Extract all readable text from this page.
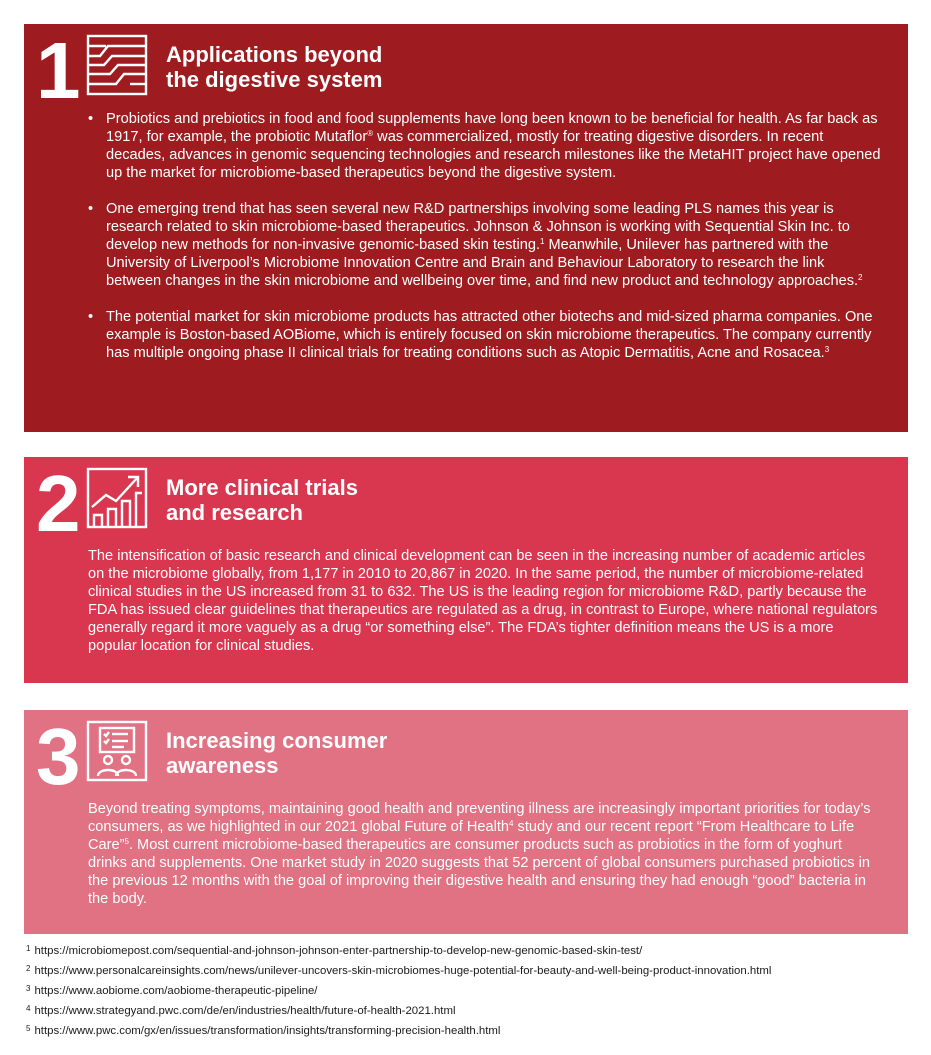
1	Applications beyond
the digestive system
• Probiotics and prebiotics in food and food supplements have long been known to be beneficial for health. As far back as 1917, for example, the probiotic Mutaflor® was commercialized, mostly for treating digestive disorders. In recent decades, advances in genomic sequencing technologies and research milestones like the MetaHIT project have opened up the market for microbiome-based therapeutics beyond the digestive system.
• One emerging trend that has seen several new R&D partnerships involving some leading PLS names this year is research related to skin microbiome-based therapeutics. Johnson & Johnson is working with Sequential Skin Inc. to develop new methods for non-invasive genomic-based skin testing.$^1$ Meanwhile, Unilever has partnered with the University of Liverpool’s Microbiome Innovation Centre and Brain and Behaviour Laboratory to research the link between changes in the skin microbiome and wellbeing over time, and find new product and technology approaches.$^2$
• The potential market for skin microbiome products has attracted other biotechs and mid-sized pharma companies. One example is Boston-based AOBiome, which is entirely focused on skin microbiome therapeutics. The company currently has multiple ongoing phase II clinical trials for treating conditions such as Atopic Dermatitis, Acne and Rosacea.$^3$
2	More clinical trials
and research

The intensification of basic research and clinical development can be seen in the increasing number of academic articles on the microbiome globally, from 1,177 in 2010 to 20,867 in 2020. In the same period, the number of microbiome-related clinical studies in the US increased from 31 to 632. The US is the leading region for microbiome R&D, partly because the FDA has issued clear guidelines that therapeutics are regulated as a drug, in contrast to Europe, where national regulators generally regard it more vaguely as a drug “or something else”. The FDA’s tighter definition means the US is a more popular location for clinical studies.

3	Increasing consumer
awareness

Beyond treating symptoms, maintaining good health and preventing illness are increasingly important priorities for today’s consumers, as we highlighted in our 2021 global Future of Health$^4$ study and our recent report “From Healthcare to Life Care”$^5$. Most current microbiome-based therapeutics are consumer products such as probiotics in the form of yoghurt drinks and supplements. One market study in 2020 suggests that 52 percent of global consumers purchased probiotics in the previous 12 months with the goal of improving their digestive health and ensuring they had enough “good” bacteria in the body.

$^1$ https://microbiomepost.com/sequential-and-johnson-johnson-enter-partnership-to-develop-new-genomic-based-skin-test/
$^2$ https://www.personalcareinsights.com/news/unilever-uncovers-skin-microbiomes-huge-potential-for-beauty-and-well-being-product-innovation.html
$^3$ https://www.aobiome.com/aobiome-therapeutic-pipeline/
$^4$ https://www.strategyand.pwc.com/de/en/industries/health/future-of-health-2021.html
$^5$ https://www.pwc.com/gx/en/issues/transformation/insights/transforming-precision-health.html
